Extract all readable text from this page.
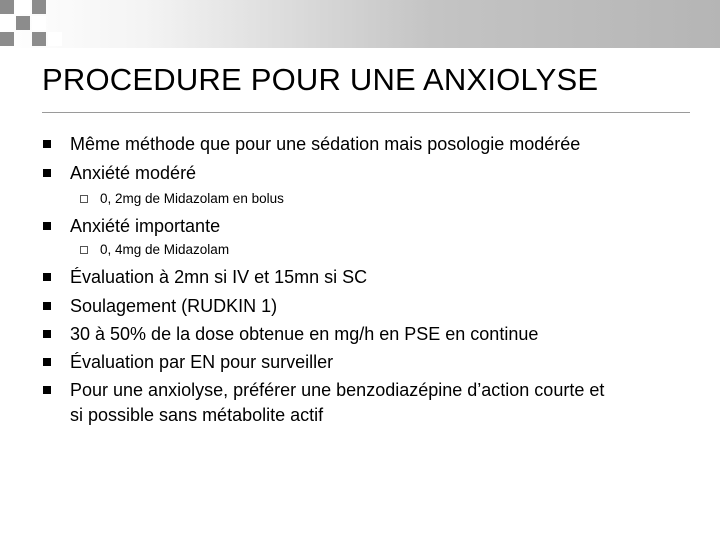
PROCEDURE POUR UNE ANXIOLYSE
Même méthode que pour une sédation mais posologie modérée
Anxiété modéré
0, 2mg de Midazolam en bolus
Anxiété importante
0, 4mg de Midazolam
Évaluation à 2mn si IV et 15mn si SC
Soulagement (RUDKIN 1)
30 à 50% de la dose obtenue en mg/h en PSE en continue
Évaluation par EN pour surveiller
Pour une anxiolyse, préférer une benzodiazépine d’action courte et
si possible sans métabolite actif
